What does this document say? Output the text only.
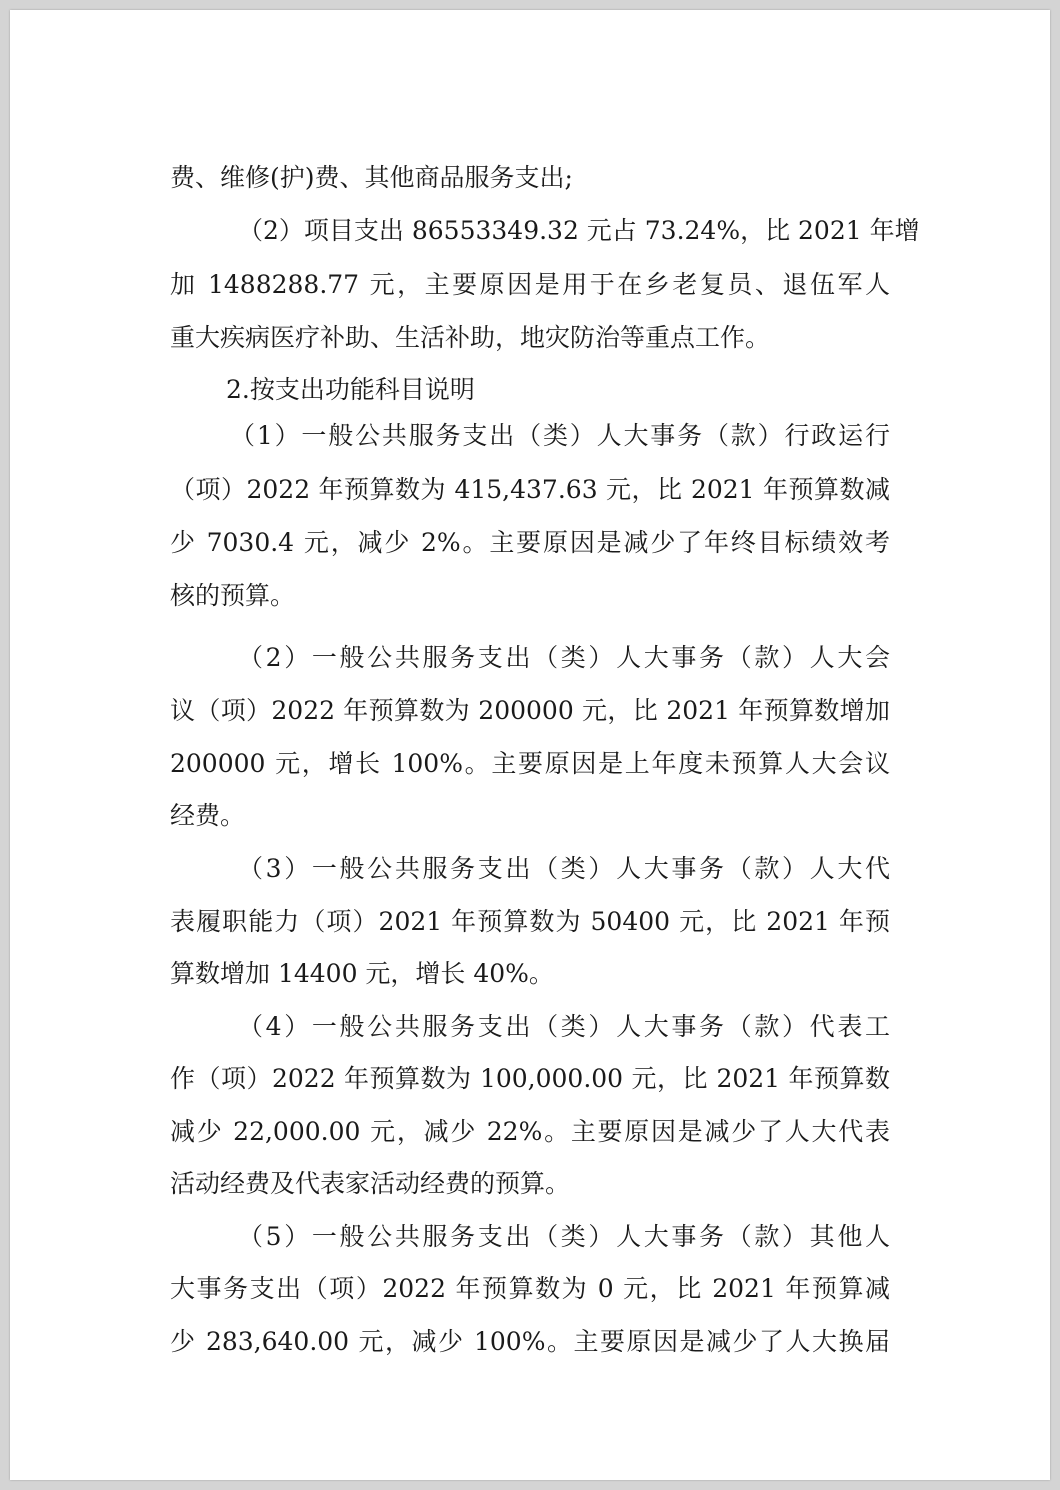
费、维修(护)费、其他商品服务支出;
（2）项目支出 86553349.32 元占 73.24%，比 2021 年增
加 1488288.77 元，主要原因是用于在乡老复员、退伍军人
重大疾病医疗补助、生活补助，地灾防治等重点工作。
2.按支出功能科目说明
（1）一般公共服务支出（类）人大事务（款）行政运行
（项）2022 年预算数为 415,437.63 元，比 2021 年预算数减
少 7030.4 元，减少 2%。主要原因是减少了年终目标绩效考
核的预算。
（2）一般公共服务支出（类）人大事务（款）人大会
议（项）2022 年预算数为 200000 元，比 2021 年预算数增加
200000 元，增长 100%。主要原因是上年度未预算人大会议
经费。
（3）一般公共服务支出（类）人大事务（款）人大代
表履职能力（项）2021 年预算数为 50400 元，比 2021 年预
算数增加 14400 元，增长 40%。
（4）一般公共服务支出（类）人大事务（款）代表工
作（项）2022 年预算数为 100,000.00 元，比 2021 年预算数
减少 22,000.00 元，减少 22%。主要原因是减少了人大代表
活动经费及代表家活动经费的预算。
（5）一般公共服务支出（类）人大事务（款）其他人
大事务支出（项）2022 年预算数为 0 元，比 2021 年预算减
少 283,640.00 元，减少 100%。主要原因是减少了人大换届
